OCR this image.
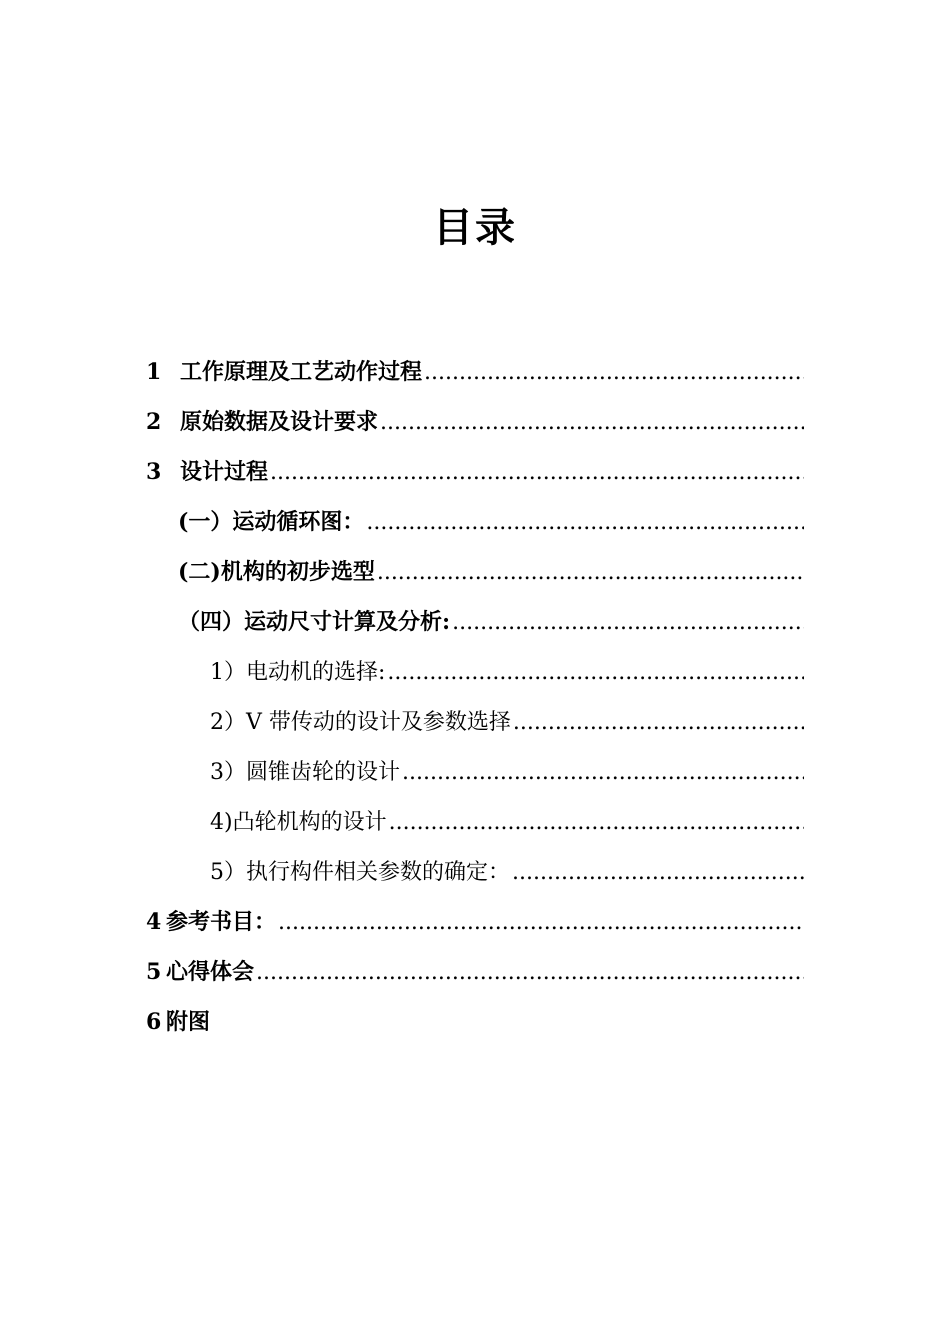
目录
1 工作原理及工艺动作过程
.....
2 原始数据及设计要求
.....
3 设计过程
.....
(一）运动循环图：
.....
(二)机构的初步选型
.....
（四）运动尺寸计算及分析:
.....
1）电动机的选择:
.....
2）V 带传动的设计及参数选择
.....
3）圆锥齿轮的设计
.....
4)凸轮机构的设计
.....
5）执行构件相关参数的确定：
.....
4 参考书目：
.....
5 心得体会
.....
6 附图
